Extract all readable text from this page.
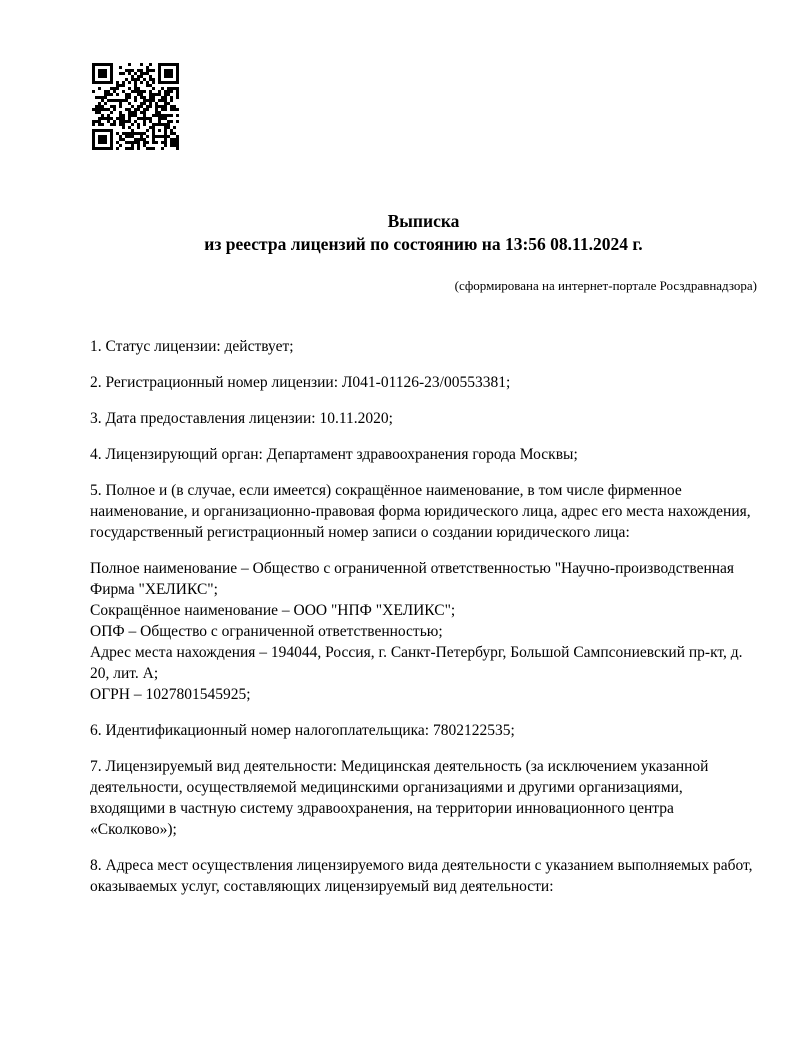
Выписка
из реестра лицензий по состоянию на 13:56 08.11.2024 г.
(сформирована на интернет-портале Росздравнадзора)

1. Статус лицензии: действует;

2. Регистрационный номер лицензии: Л041-01126-23/00553381;

3. Дата предоставления лицензии: 10.11.2020;

4. Лицензирующий орган: Департамент здравоохранения города Москвы;

5. Полное и (в случае, если имеется) сокращённое наименование, в том числе фирменное наименование, и организационно-правовая форма юридического лица, адрес его места нахождения, государственный регистрационный номер записи о создании юридического лица:

Полное наименование – Общество с ограниченной ответственностью "Научно-производственная Фирма "ХЕЛИКС";

Сокращённое наименование – ООО "НПФ "ХЕЛИКС";

ОПФ – Общество с ограниченной ответственностью;

Адрес места нахождения – 194044, Россия, г. Санкт-Петербург, Большой Сампсониевский пр-кт, д. 20, лит. А;

ОГРН – 1027801545925;

6. Идентификационный номер налогоплательщика: 7802122535;

7. Лицензируемый вид деятельности: Медицинская деятельность (за исключением указанной деятельности, осуществляемой медицинскими организациями и другими организациями, входящими в частную систему здравоохранения, на территории инновационного центра «Сколково»);

8. Адреса мест осуществления лицензируемого вида деятельности с указанием выполняемых работ, оказываемых услуг, составляющих лицензируемый вид деятельности:
